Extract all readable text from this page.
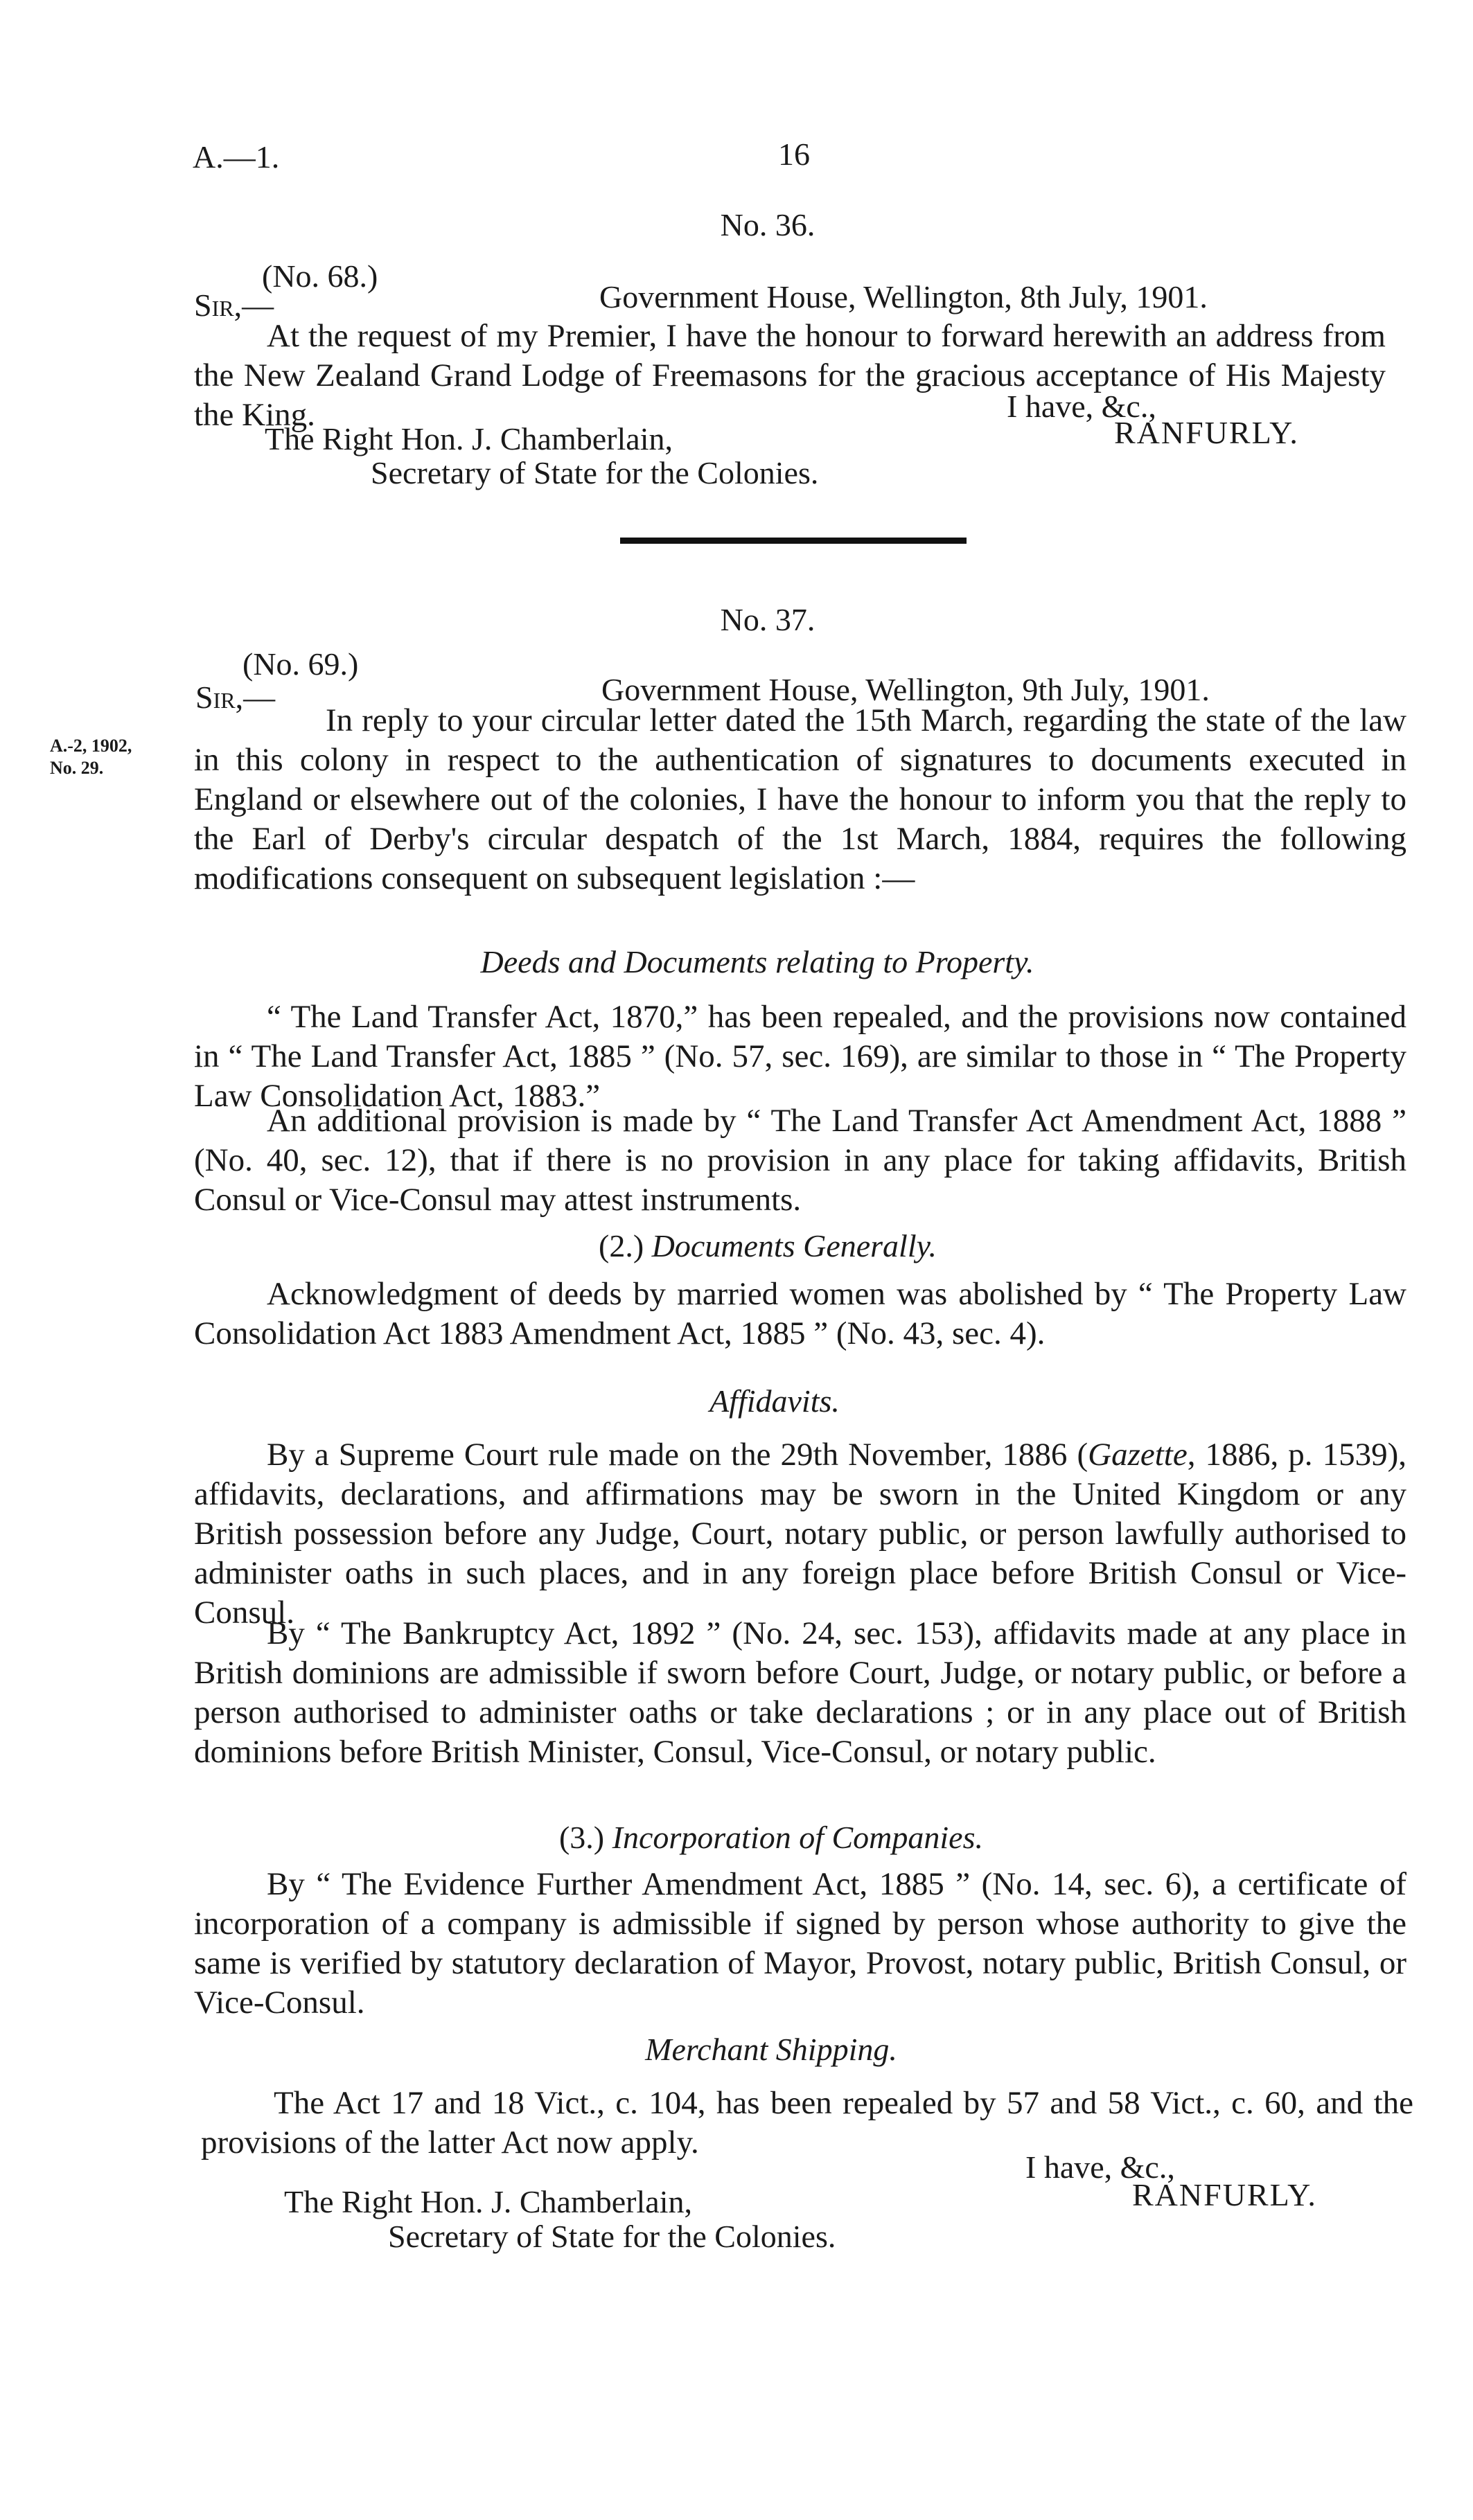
A.—1.	16
No. 36.
(No. 68.)
Sir,—	Government House, Wellington, 8th July, 1901.
At the request of my Premier, I have the honour to forward herewith an address from the New Zealand Grand Lodge of Freemasons for the gracious acceptance of His Majesty the King.	I have, &c.,
The Right Hon. J. Chamberlain,	RANFURLY.
Secretary of State for the Colonies.
No. 37.
(No. 69.)
Sir,—	Government House, Wellington, 9th July, 1901.
A.-2, 1902,
No. 29.
In reply to your circular letter dated the 15th March, regarding the state of the law in this colony in respect to the authentication of signatures to documents executed in England or elsewhere out of the colonies, I have the honour to inform you that the reply to the Earl of Derby's circular despatch of the 1st March, 1884, requires the following modifications consequent on subsequent legislation :—
Deeds and Documents relating to Property.
“ The Land Transfer Act, 1870,” has been repealed, and the provisions now contained in “ The Land Transfer Act, 1885 ” (No. 57, sec. 169), are similar to those in “ The Property Law Consolidation Act, 1883.”
An additional provision is made by “ The Land Transfer Act Amendment Act, 1888 ” (No. 40, sec. 12), that if there is no provision in any place for taking affidavits, British Consul or Vice-Consul may attest instruments.
(2.) Documents Generally.
Acknowledgment of deeds by married women was abolished by “ The Property Law Consolidation Act 1883 Amendment Act, 1885 ” (No. 43, sec. 4).
Affidavits.
By a Supreme Court rule made on the 29th November, 1886 (Gazette, 1886, p. 1539), affidavits, declarations, and affirmations may be sworn in the United Kingdom or any British possession before any Judge, Court, notary public, or person lawfully authorised to administer oaths in such places, and in any foreign place before British Consul or Vice-Consul.
By “ The Bankruptcy Act, 1892 ” (No. 24, sec. 153), affidavits made at any place in British dominions are admissible if sworn before Court, Judge, or notary public, or before a person authorised to administer oaths or take declarations ; or in any place out of British dominions before British Minister, Consul, Vice-Consul, or notary public.
(3.) Incorporation of Companies.
By “ The Evidence Further Amendment Act, 1885 ” (No. 14, sec. 6), a certificate of incorporation of a company is admissible if signed by person whose authority to give the same is verified by statutory declaration of Mayor, Provost, notary public, British Consul, or Vice-Consul.
Merchant Shipping.
The Act 17 and 18 Vict., c. 104, has been repealed by 57 and 58 Vict., c. 60, and the provisions of the latter Act now apply.
I have, &c.,
The Right Hon. J. Chamberlain,	RANFURLY.
Secretary of State for the Colonies.
